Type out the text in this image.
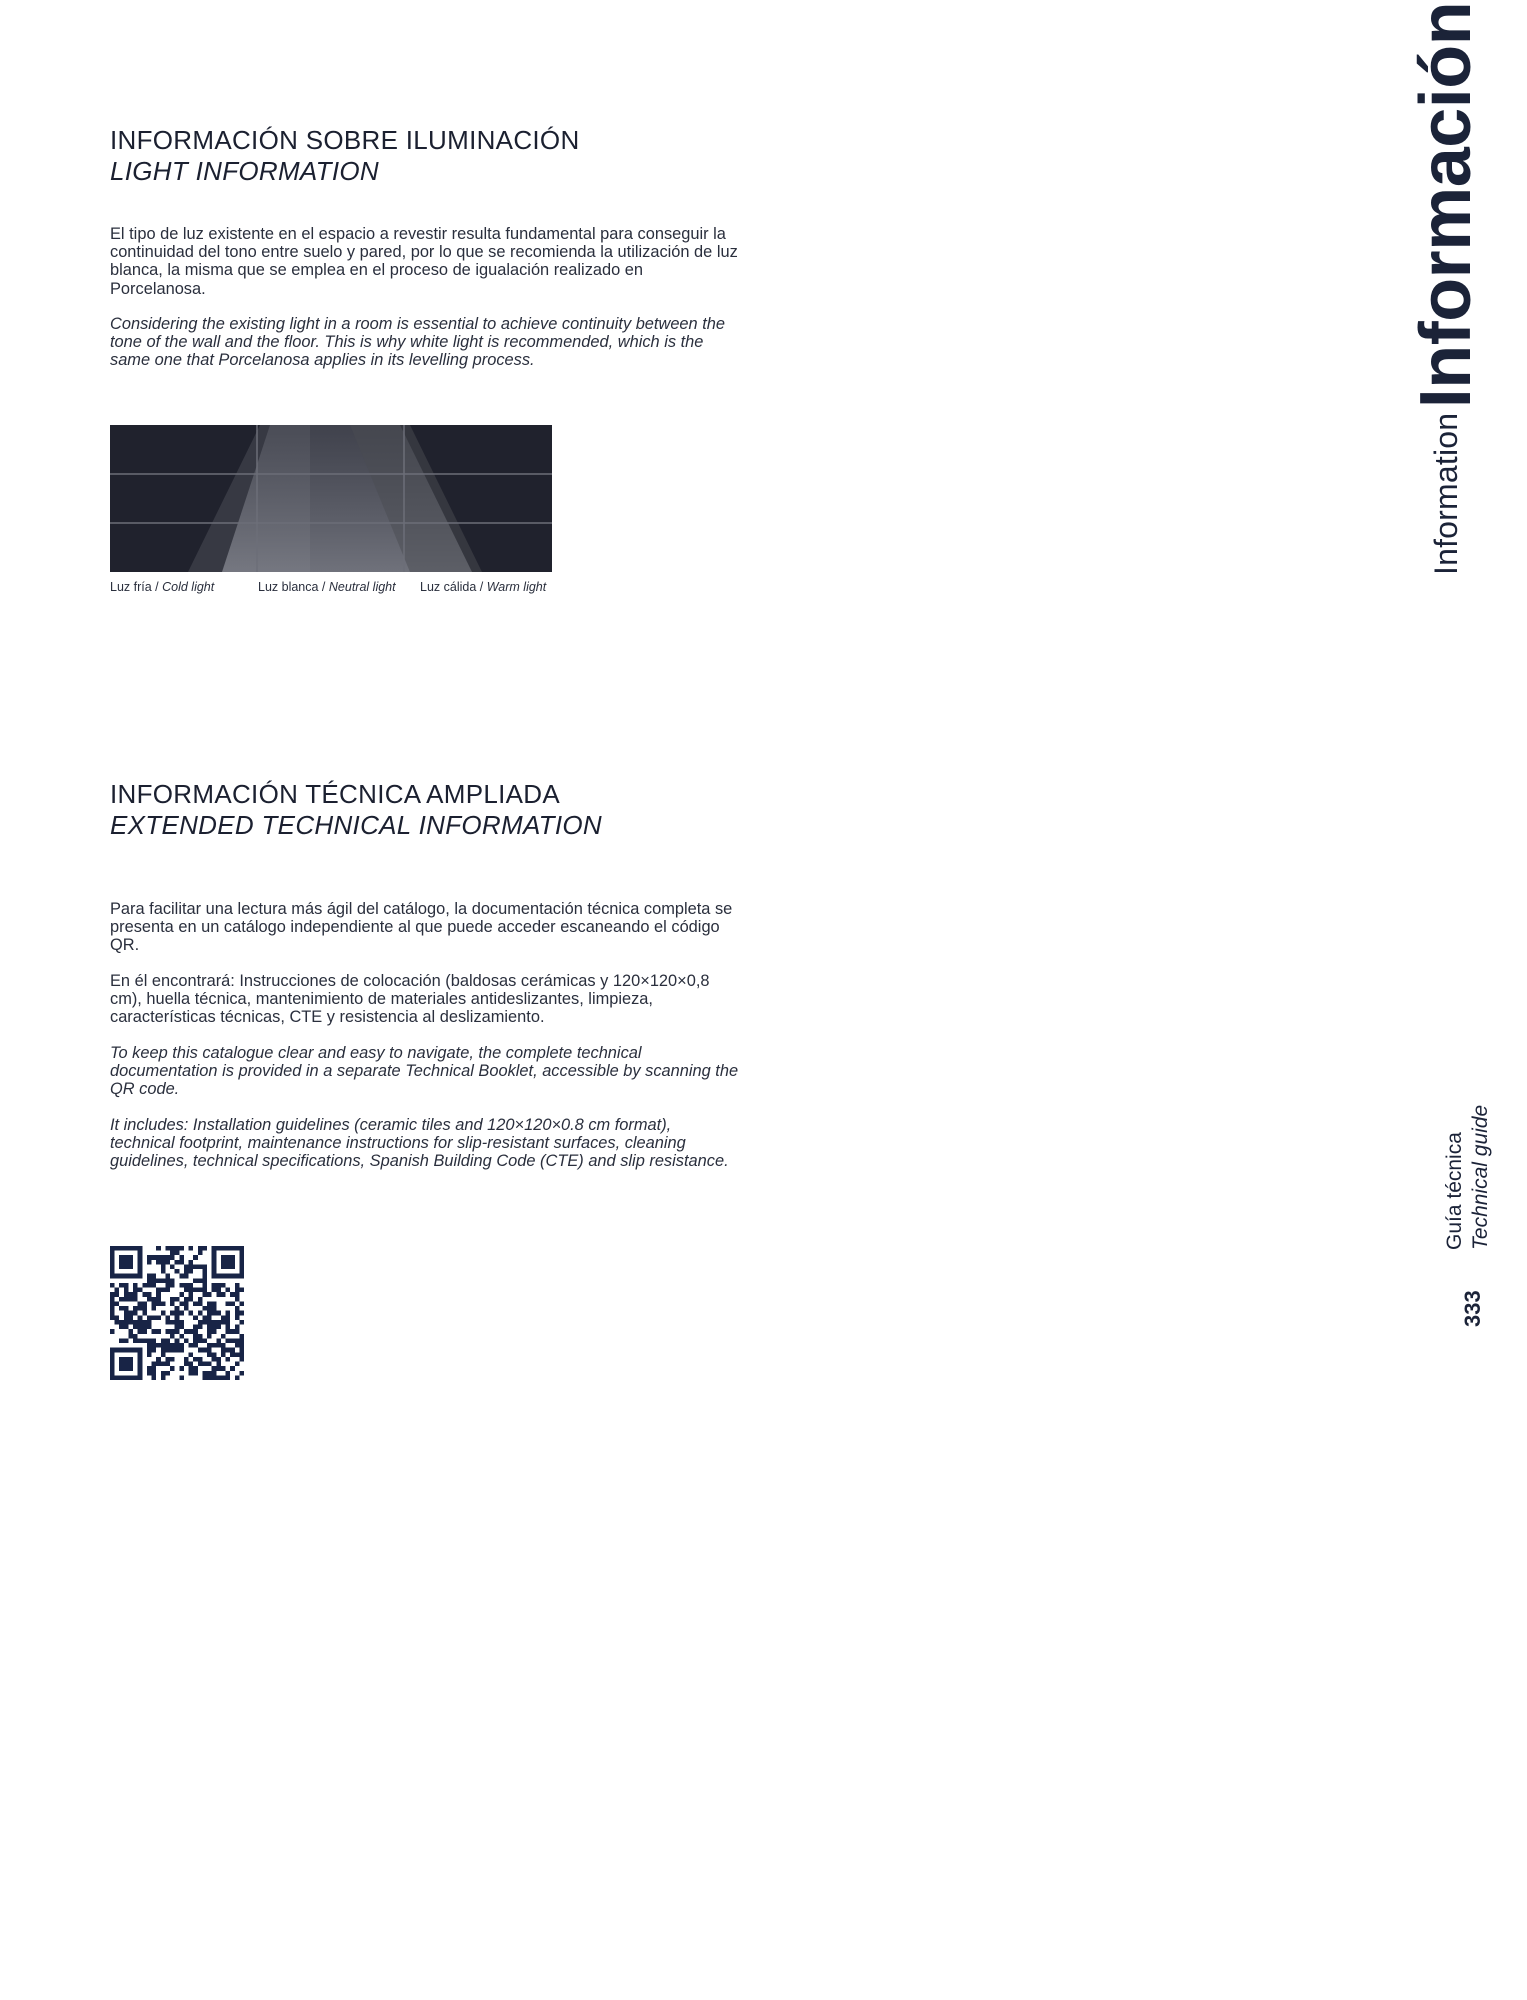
INFORMACIÓN SOBRE ILUMINACIÓN
LIGHT INFORMATION
El tipo de luz existente en el espacio a revestir resulta fundamental para conseguir la continuidad del tono entre suelo y pared, por lo que se recomienda la utilización de luz blanca, la misma que se emplea en el proceso de igualación realizado en Porcelanosa.
Considering the existing light in a room is essential to achieve continuity between the tone of the wall and the floor. This is why white light is recommended, which is the same one that Porcelanosa applies in its levelling process.
Luz fría / Cold light	Luz blanca / Neutral light Luz cálida / Warm light
INFORMACIÓN TÉCNICA AMPLIADA
EXTENDED TECHNICAL INFORMATION
Para facilitar una lectura más ágil del catálogo, la documentación técnica completa se presenta en un catálogo independiente al que puede acceder escaneando el código QR.
En él encontrará: Instrucciones de colocación (baldosas cerámicas y 120×120×0,8 cm), huella técnica, mantenimiento de materiales antideslizantes, limpieza, características técnicas, CTE y resistencia al deslizamiento.
To keep this catalogue clear and easy to navigate, the complete technical documentation is provided in a separate Technical Booklet, accessible by scanning the QR code.
It includes: Installation guidelines (ceramic tiles and 120×120×0.8 cm format), technical footprint, maintenance instructions for slip-resistant surfaces, cleaning guidelines, technical specifications, Spanish Building Code (CTE) and slip resistance.
Information Información
Guía técnica Technical guide
333
